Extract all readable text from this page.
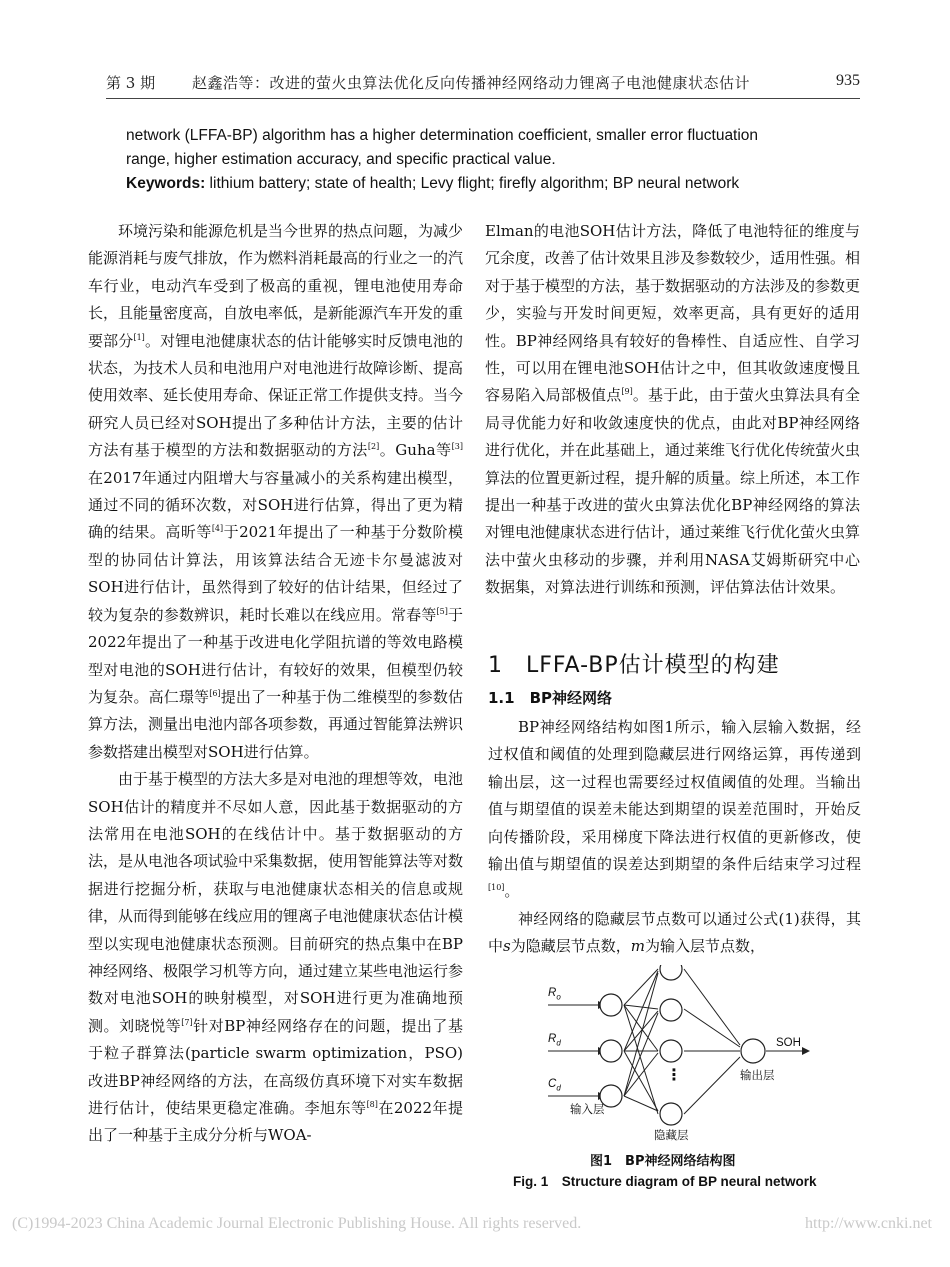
第 3 期 赵鑫浩等：改进的萤火虫算法优化反向传播神经网络动力锂离子电池健康状态估计	935

network (LFFA-BP) algorithm has a higher determination coefficient, smaller error fluctuation

range, higher estimation accuracy, and specific practical value.

Keywords: lithium battery; state of health; Levy flight; firefly algorithm; BP neural network

环境污染和能源危机是当今世界的热点问题，为减少能源消耗与废气排放，作为燃料消耗最高的行业之一的汽车行业，电动汽车受到了极高的重视，锂电池使用寿命长，且能量密度高，自放电率低，是新能源汽车开发的重要部分[1]。对锂电池健康状态的估计能够实时反馈电池的状态，为技术人员和电池用户对电池进行故障诊断、提高使用效率、延长使用寿命、保证正常工作提供支持。当今研究人员已经对SOH提出了多种估计方法，主要的估计方法有基于模型的方法和数据驱动的方法[2]。Guha等[3]在2017年通过内阻增大与容量减小的关系构建出模型，通过不同的循环次数，对SOH进行估算，得出了更为精确的结果。高昕等[4]于2021年提出了一种基于分数阶模型的协同估计算法，用该算法结合无迹卡尔曼滤波对SOH进行估计，虽然得到了较好的估计结果，但经过了较为复杂的参数辨识，耗时长难以在线应用。常春等[5]于2022年提出了一种基于改进电化学阻抗谱的等效电路模型对电池的SOH进行估计，有较好的效果，但模型仍较为复杂。高仁璟等[6]提出了一种基于伪二维模型的参数估算方法，测量出电池内部各项参数，再通过智能算法辨识参数搭建出模型对SOH进行估算。

由于基于模型的方法大多是对电池的理想等效，电池SOH估计的精度并不尽如人意，因此基于数据驱动的方法常用在电池SOH的在线估计中。基于数据驱动的方法，是从电池各项试验中采集数据，使用智能算法等对数据进行挖掘分析，获取与电池健康状态相关的信息或规律，从而得到能够在线应用的锂离子电池健康状态估计模型以实现电池健康状态预测。目前研究的热点集中在BP神经网络、极限学习机等方向，通过建立某些电池运行参数对电池SOH的映射模型，对SOH进行更为准确地预测。刘晓悦等[7]针对BP神经网络存在的问题，提出了基于粒子群算法(particle swarm optimization，PSO)改进BP神经网络的方法，在高级仿真环境下对实车数据进行估计，使结果更稳定准确。李旭东等[8]在2022年提出了一种基于主成分分析与WOA-

Elman的电池SOH估计方法，降低了电池特征的维度与冗余度，改善了估计效果且涉及参数较少，适用性强。相对于基于模型的方法，基于数据驱动的方法涉及的参数更少，实验与开发时间更短，效率更高，具有更好的适用性。BP神经网络具有较好的鲁棒性、自适应性、自学习性，可以用在锂电池SOH估计之中，但其收敛速度慢且容易陷入局部极值点[9]。基于此，由于萤火虫算法具有全局寻优能力好和收敛速度快的优点，由此对BP神经网络进行优化，并在此基础上，通过莱维飞行优化传统萤火虫算法的位置更新过程，提升解的质量。综上所述，本工作提出一种基于改进的萤火虫算法优化BP神经网络的算法对锂电池健康状态进行估计，通过莱维飞行优化萤火虫算法中萤火虫移动的步骤，并利用NASA艾姆斯研究中心数据集，对算法进行训练和预测，评估算法估计效果。

1　LFFA-BP估计模型的构建
1.1　BP神经网络

BP神经网络结构如图1所示，输入层输入数据，经过权值和阈值的处理到隐藏层进行网络运算，再传递到输出层，这一过程也需要经过权值阈值的处理。当输出值与期望值的误差未能达到期望的误差范围时，开始反向传播阶段，采用梯度下降法进行权值的更新修改，使输出值与期望值的误差达到期望的条件后结束学习过程[10]。

神经网络的隐藏层节点数可以通过公式(1)获得，其中s为隐藏层节点数，m为输入层节点数，

$R_o$
$R_d$
$C_d$
输入层
隐藏层
输出层
SOH
⋮
图1　BP神经网络结构图
Fig. 1　Structure diagram of BP neural network
(C)1994-2023 China Academic Journal Electronic Publishing House. All rights reserved.	http://www.cnki.net
